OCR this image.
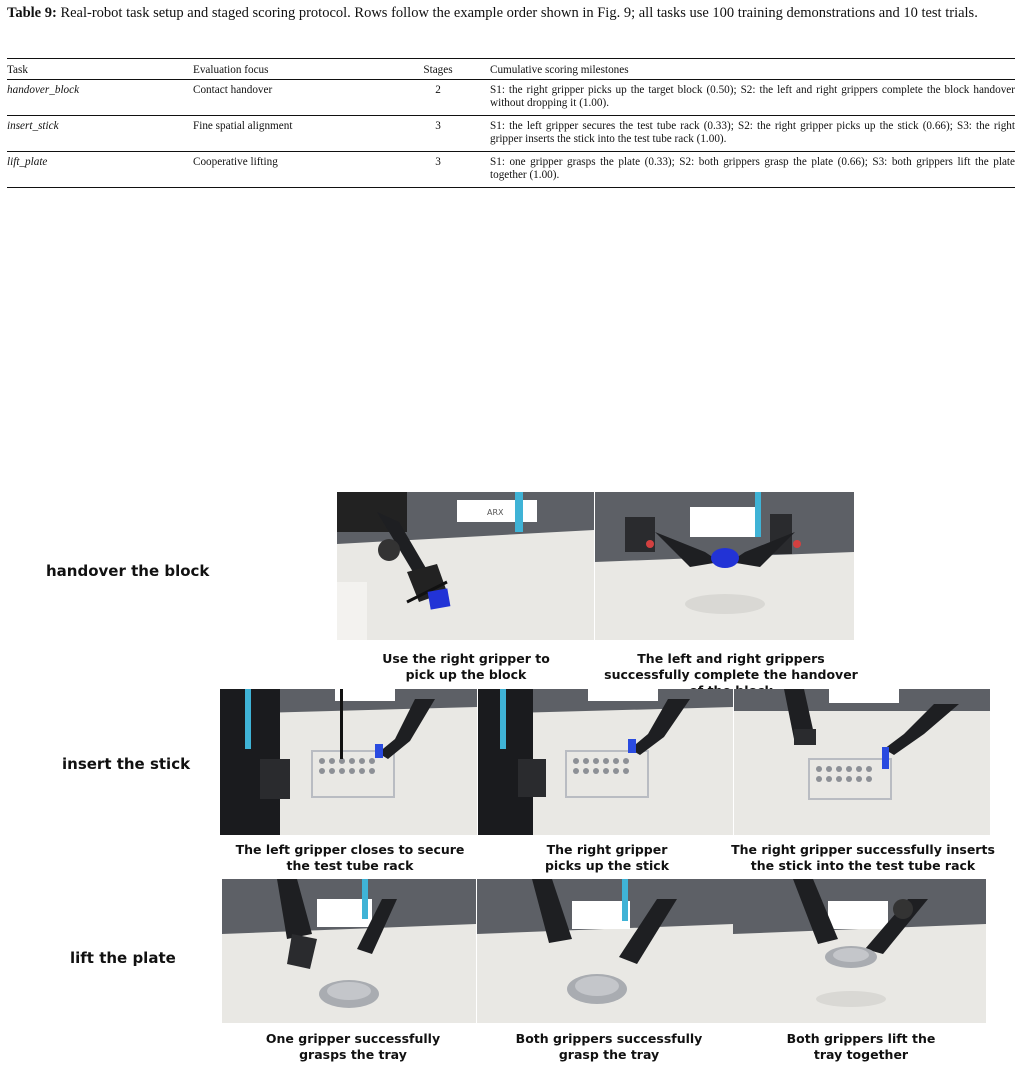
Table 9: Real-robot task setup and staged scoring protocol. Rows follow the example order shown in Fig. 9; all tasks use 100 training demonstrations and 10 test trials.
Task	Evaluation focus	Stages	Cumulative scoring milestones
handover_block	Contact handover	2	S1: the right gripper picks up the target block (0.50); S2: the left and right grippers complete the block handover without dropping it (1.00).
insert_stick	Fine spatial alignment	3	S1: the left gripper secures the test tube rack (0.33); S2: the right gripper picks up the stick (0.66); S3: the right gripper inserts the stick into the test tube rack (1.00).
lift_plate	Cooperative lifting	3	S1: one gripper grasps the plate (0.33); S2: both grippers grasp the plate (0.66); S3: both grippers lift the plate together (1.00).
handover the block
insert the stick
lift the plate
ARX
Use the right gripper to pick up the block
The left and right grippers successfully complete the handover
The left gripper closes to secure the test tube rack
The right gripper picks up the stick
The right gripper successfully inserts the stick into the test tube rack
One gripper successfully grasps the tray
Both grippers successfully grasp the tray
Both grippers lift the tray together
